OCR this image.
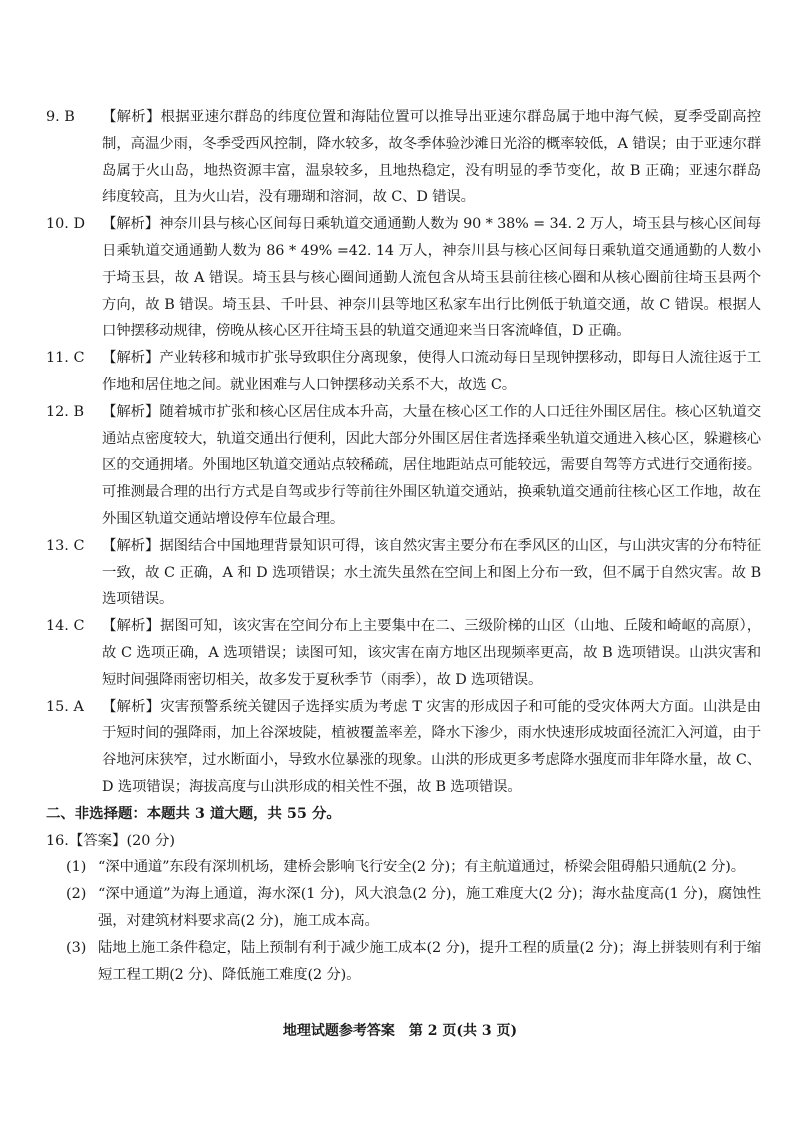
9. B	【解析】根据亚速尔群岛的纬度位置和海陆位置可以推导出亚速尔群岛属于地中海气候，夏季受副高控制，高温少雨，冬季受西风控制，降水较多，故冬季体验沙滩日光浴的概率较低，A 错误；由于亚速尔群岛属于火山岛，地热资源丰富，温泉较多，且地热稳定，没有明显的季节变化，故 B 正确；亚速尔群岛纬度较高，且为火山岩，没有珊瑚和溶洞，故 C、D 错误。
10. D	【解析】神奈川县与核心区间每日乘轨道交通通勤人数为 90 * 38% = 34. 2 万人，埼玉县与核心区间每日乘轨道交通通勤人数为 86 * 49% =42. 14 万人，神奈川县与核心区间每日乘轨道交通通勤的人数小于埼玉县，故 A 错误。埼玉县与核心圈间通勤人流包含从埼玉县前往核心圈和从核心圈前往埼玉县两个方向，故 B 错误。埼玉县、千叶县、神奈川县等地区私家车出行比例低于轨道交通，故 C 错误。根据人口钟摆移动规律，傍晚从核心区开往埼玉县的轨道交通迎来当日客流峰值，D 正确。
11. C	【解析】产业转移和城市扩张导致职住分离现象，使得人口流动每日呈现钟摆移动，即每日人流往返于工作地和居住地之间。就业困难与人口钟摆移动关系不大，故选 C。
12. B	【解析】随着城市扩张和核心区居住成本升高，大量在核心区工作的人口迁往外围区居住。核心区轨道交通站点密度较大，轨道交通出行便利，因此大部分外围区居住者选择乘坐轨道交通进入核心区，躲避核心区的交通拥堵。外围地区轨道交通站点较稀疏，居住地距站点可能较远，需要自驾等方式进行交通衔接。可推测最合理的出行方式是自驾或步行等前往外围区轨道交通站，换乘轨道交通前往核心区工作地，故在外围区轨道交通站增设停车位最合理。
13. C	【解析】据图结合中国地理背景知识可得，该自然灾害主要分布在季风区的山区，与山洪灾害的分布特征一致，故 C 正确，A 和 D 选项错误；水土流失虽然在空间上和图上分布一致，但不属于自然灾害。故 B 选项错误。
14. C	【解析】据图可知，该灾害在空间分布上主要集中在二、三级阶梯的山区（山地、丘陵和崎岖的高原），故 C 选项正确，A 选项错误；读图可知，该灾害在南方地区出现频率更高，故 B 选项错误。山洪灾害和短时间强降雨密切相关，故多发于夏秋季节（雨季），故 D 选项错误。
15. A	【解析】灾害预警系统关键因子选择实质为考虑 T 灾害的形成因子和可能的受灾体两大方面。山洪是由于短时间的强降雨，加上谷深坡陡，植被覆盖率差，降水下渗少，雨水快速形成坡面径流汇入河道，由于谷地河床狭窄，过水断面小，导致水位暴涨的现象。山洪的形成更多考虑降水强度而非年降水量，故 C、D 选项错误；海拔高度与山洪形成的相关性不强，故 B 选项错误。

二、非选择题：本题共 3 道大题，共 55 分。

16.【答案】(20 分)

(1) “深中通道”东段有深圳机场，建桥会影响飞行安全(2 分)；有主航道通过，桥梁会阻碍船只通航(2 分)。
(2) “深中通道”为海上通道，海水深(1 分)，风大浪急(2 分)，施工难度大(2 分)；海水盐度高(1 分)，腐蚀性强，对建筑材料要求高(2 分)，施工成本高。
(3) 陆地上施工条件稳定，陆上预制有利于减少施工成本(2 分)，提升工程的质量(2 分)；海上拼装则有利于缩短工程工期(2 分)、降低施工难度(2 分)。
地理试题参考答案　第 2 页(共 3 页)
